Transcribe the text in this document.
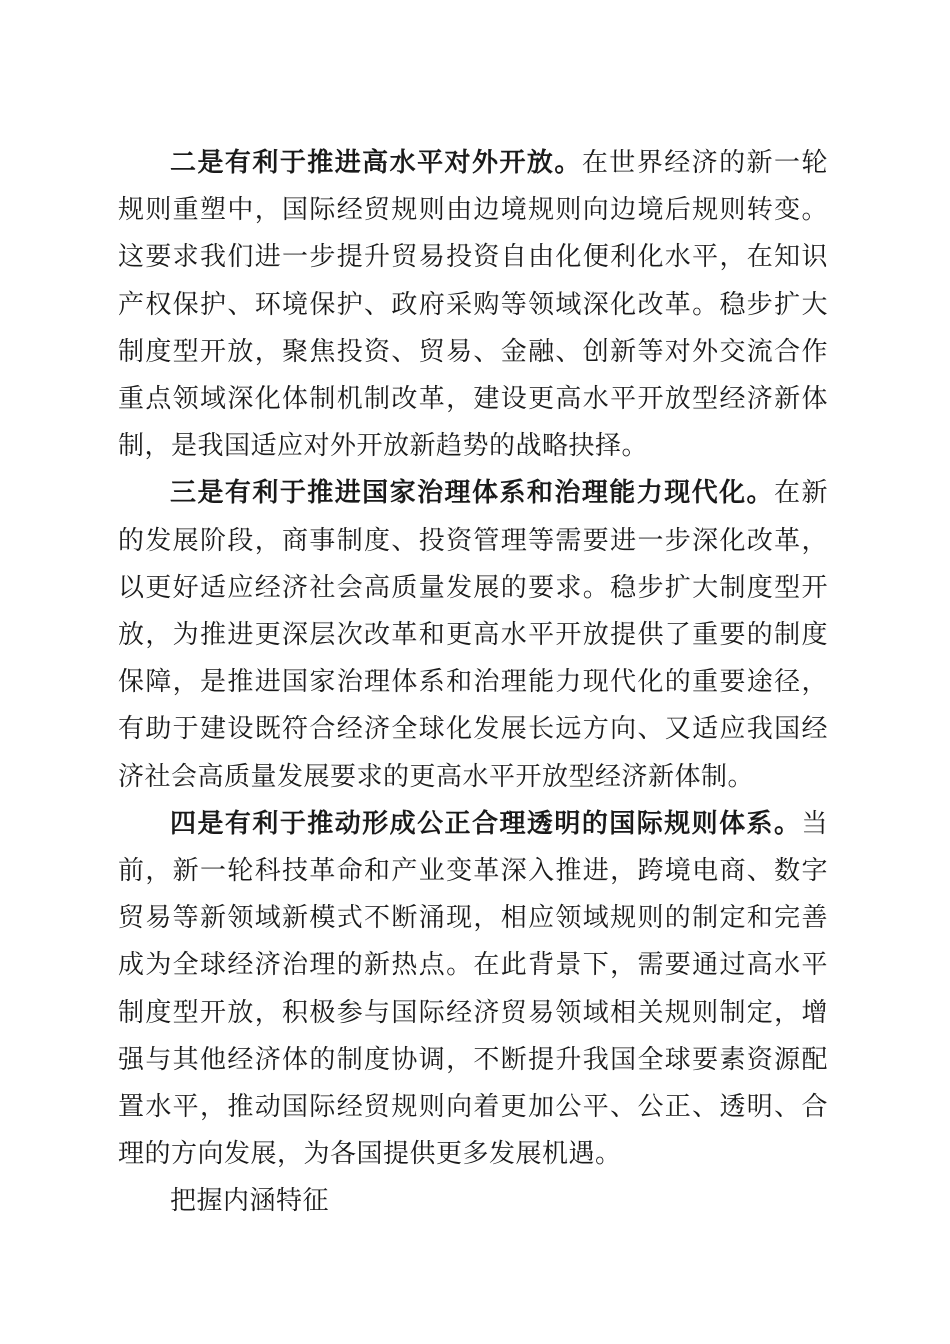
二是有利于推进高水平对外开放。在世界经济的新一轮规则重塑中，国际经贸规则由边境规则向边境后规则转变。这要求我们进一步提升贸易投资自由化便利化水平，在知识产权保护、环境保护、政府采购等领域深化改革。稳步扩大制度型开放，聚焦投资、贸易、金融、创新等对外交流合作重点领域深化体制机制改革，建设更高水平开放型经济新体制，是我国适应对外开放新趋势的战略抉择。

三是有利于推进国家治理体系和治理能力现代化。在新的发展阶段，商事制度、投资管理等需要进一步深化改革，以更好适应经济社会高质量发展的要求。稳步扩大制度型开放，为推进更深层次改革和更高水平开放提供了重要的制度保障，是推进国家治理体系和治理能力现代化的重要途径，有助于建设既符合经济全球化发展长远方向、又适应我国经济社会高质量发展要求的更高水平开放型经济新体制。

四是有利于推动形成公正合理透明的国际规则体系。当前，新一轮科技革命和产业变革深入推进，跨境电商、数字贸易等新领域新模式不断涌现，相应领域规则的制定和完善成为全球经济治理的新热点。在此背景下，需要通过高水平制度型开放，积极参与国际经济贸易领域相关规则制定，增强与其他经济体的制度协调，不断提升我国全球要素资源配置水平，推动国际经贸规则向着更加公平、公正、透明、合理的方向发展，为各国提供更多发展机遇。

把握内涵特征
